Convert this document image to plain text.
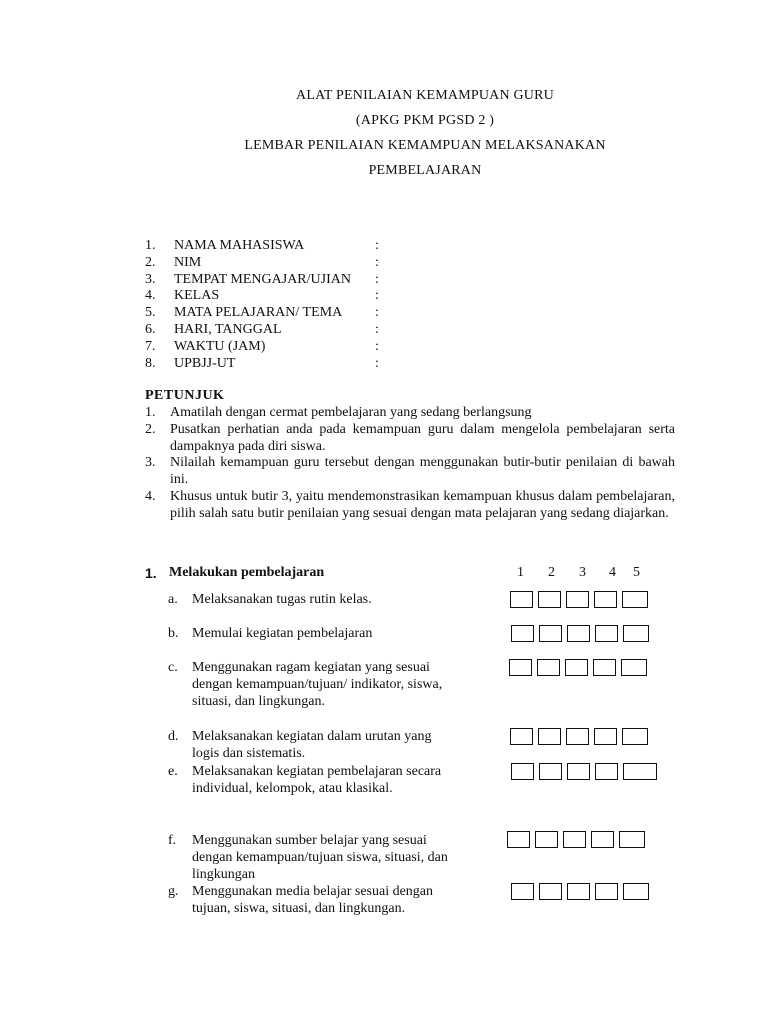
ALAT PENILAIAN KEMAMPUAN GURU
(APKG PKM PGSD 2 )
LEMBAR PENILAIAN KEMAMPUAN MELAKSANAKAN
PEMBELAJARAN
1. NAMA MAHASISWA	:
2. NIM	:
3. TEMPAT MENGAJAR/UJIAN :
4. KELAS	:
5. MATA PELAJARAN/ TEMA :
6. HARI, TANGGAL	:
7. WAKTU (JAM)	:
8. UPBJJ-UT	:
PETUNJUK
1. Amatilah dengan cermat pembelajaran yang sedang berlangsung
2. Pusatkan perhatian anda pada kemampuan guru dalam mengelola pembelajaran serta dampaknya pada diri siswa.
3. Nilailah kemampuan guru tersebut dengan menggunakan butir-butir penilaian di bawah ini.
4. Khusus untuk butir 3, yaitu mendemonstrasikan kemampuan khusus dalam pembelajaran, pilih salah satu butir penilaian yang sesuai dengan mata pelajaran yang sedang diajarkan.
1. Melakukan pembelajaran	1 2 3 4 5
a. Melaksanakan tugas rutin kelas.
b. Memulai kegiatan pembelajaran
c. Menggunakan ragam kegiatan yang sesuai dengan kemampuan/tujuan/ indikator, siswa, situasi, dan lingkungan.
d. Melaksanakan kegiatan dalam urutan yang logis dan sistematis.
e. Melaksanakan kegiatan pembelajaran secara individual, kelompok, atau klasikal.
f. Menggunakan sumber belajar yang sesuai dengan kemampuan/tujuan siswa, situasi, dan lingkungan
g. Menggunakan media belajar sesuai dengan tujuan, siswa, situasi, dan lingkungan.
